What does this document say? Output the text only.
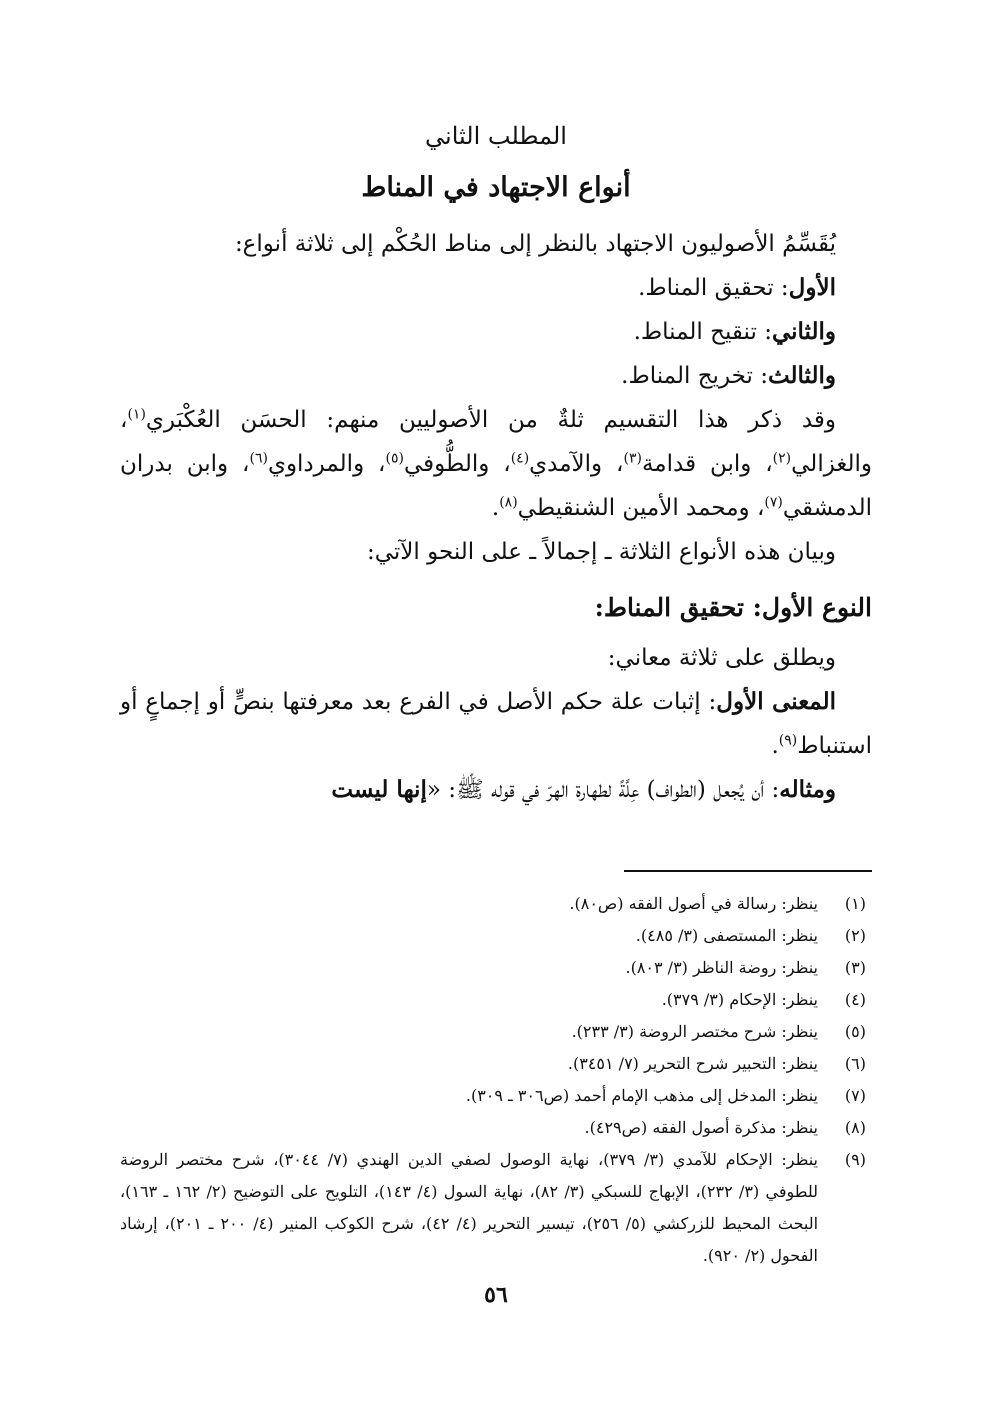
المطلب الثاني
أنواع الاجتهاد في المناط

يُقَسِّمُ الأصوليون الاجتهاد بالنظر إلى مناط الحُكْم إلى ثلاثة أنواع:

الأول: تحقيق المناط.

والثاني: تنقيح المناط.

والثالث: تخريج المناط.

وقد ذكر هذا التقسيم ثلةٌ من الأصوليين منهم: الحسَن العُكْبَري$^{(١)}$، والغزالي$^{(٢)}$، وابن قدامة$^{(٣)}$، والآمدي$^{(٤)}$، والطُّوفي$^{(٥)}$، والمرداوي$^{(٦)}$، وابن بدران الدمشقي$^{(٧)}$، ومحمد الأمين الشنقيطي$^{(٨)}$.

وبيان هذه الأنواع الثلاثة ـ إجمالاً ـ على النحو الآتي:

النوع الأول: تحقيق المناط:

ويطلق على ثلاثة معاني:

المعنى الأول: إثبات علة حكم الأصل في الفرع بعد معرفتها بنصٍّ أو إجماعٍ أو استنباط$^{(٩)}$.

ومثاله: أن يُجعل (الطواف) عِلَّةً لطهارة الهرّ في قوله ﷺ: «إنها ليست

(١)
ينظر: رسالة في أصول الفقه (ص٨٠).
(٢)
ينظر: المستصفى (٣/ ٤٨٥).
(٣)
ينظر: روضة الناظر (٣/ ٨٠٣).
(٤)
ينظر: الإحكام (٣/ ٣٧٩).
(٥)
ينظر: شرح مختصر الروضة (٣/ ٢٣٣).
(٦)
ينظر: التحبير شرح التحرير (٧/ ٣٤٥١).
(٧)
ينظر: المدخل إلى مذهب الإمام أحمد (ص٣٠٦ ـ ٣٠٩).
(٨)
ينظر: مذكرة أصول الفقه (ص٤٢٩).
(٩)
ينظر: الإحكام للآمدي (٣/ ٣٧٩)، نهاية الوصول لصفي الدين الهندي (٧/ ٣٠٤٤)، شرح مختصر الروضة للطوفي (٣/ ٢٣٢)، الإبهاج للسبكي (٣/ ٨٢)، نهاية السول (٤/ ١٤٣)، التلويح على التوضيح (٢/ ١٦٢ ـ ١٦٣)، البحث المحيط للزركشي (٥/ ٢٥٦)، تيسير التحرير (٤/ ٤٢)، شرح الكوكب المنير (٤/ ٢٠٠ ـ ٢٠١)، إرشاد الفحول (٢/ ٩٢٠).
٥٦
